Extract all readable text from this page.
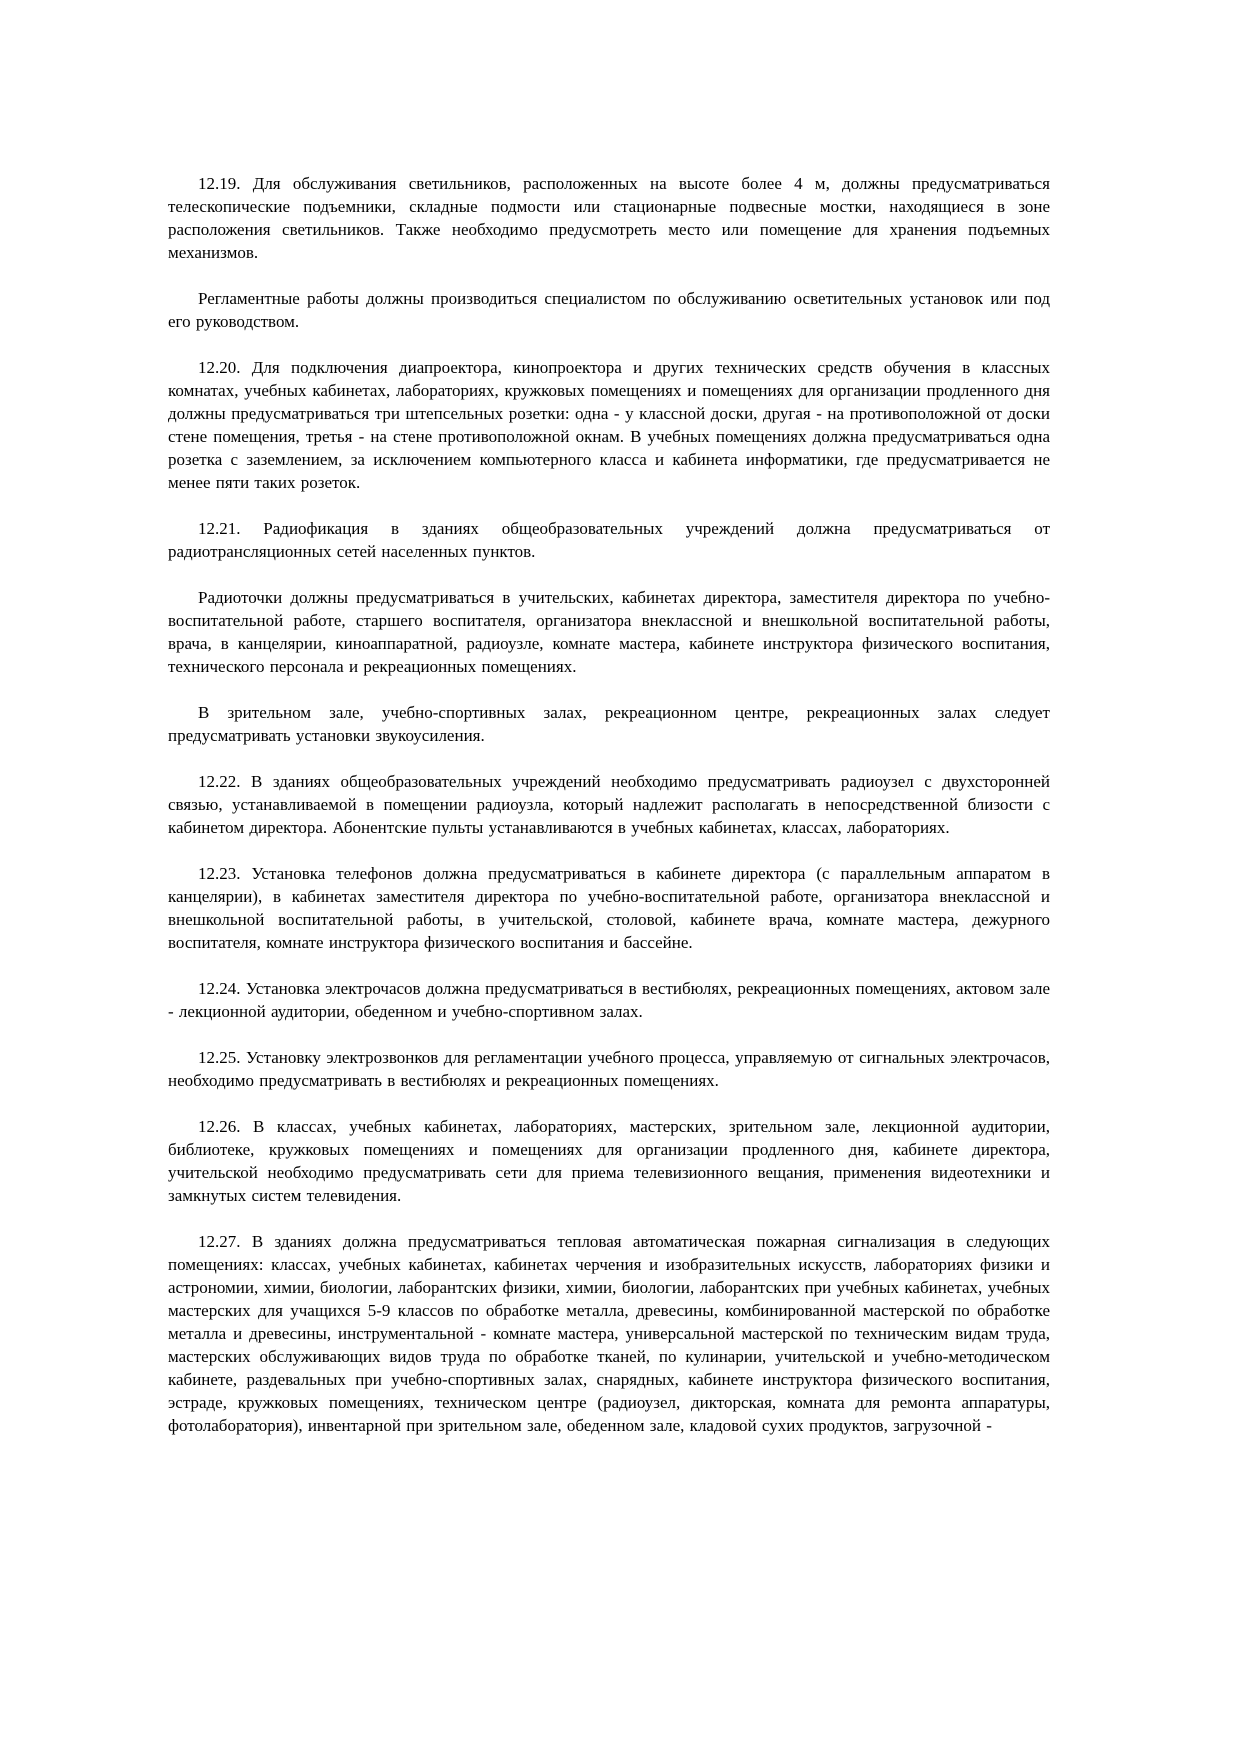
12.19. Для обслуживания светильников, расположенных на высоте более 4 м, должны предусматриваться телескопические подъемники, складные подмости или стационарные подвесные мостки, находящиеся в зоне расположения светильников. Также необходимо предусмотреть место или помещение для хранения подъемных механизмов.

Регламентные работы должны производиться специалистом по обслуживанию осветительных установок или под его руководством.

12.20. Для подключения диапроектора, кинопроектора и других технических средств обучения в классных комнатах, учебных кабинетах, лабораториях, кружковых помещениях и помещениях для организации продленного дня должны предусматриваться три штепсельных розетки: одна - у классной доски, другая - на противоположной от доски стене помещения, третья - на стене противоположной окнам. В учебных помещениях должна предусматриваться одна розетка с заземлением, за исключением компьютерного класса и кабинета информатики, где предусматривается не менее пяти таких розеток.

12.21. Радиофикация в зданиях общеобразовательных учреждений должна предусматриваться от радиотрансляционных сетей населенных пунктов.

Радиоточки должны предусматриваться в учительских, кабинетах директора, заместителя директора по учебно-воспитательной работе, старшего воспитателя, организатора внеклассной и внешкольной воспитательной работы, врача, в канцелярии, киноаппаратной, радиоузле, комнате мастера, кабинете инструктора физического воспитания, технического персонала и рекреационных помещениях.

В зрительном зале, учебно-спортивных залах, рекреационном центре, рекреационных залах следует предусматривать установки звукоусиления.

12.22. В зданиях общеобразовательных учреждений необходимо предусматривать радиоузел с двухсторонней связью, устанавливаемой в помещении радиоузла, который надлежит располагать в непосредственной близости с кабинетом директора. Абонентские пульты устанавливаются в учебных кабинетах, классах, лабораториях.

12.23. Установка телефонов должна предусматриваться в кабинете директора (с параллельным аппаратом в канцелярии), в кабинетах заместителя директора по учебно-воспитательной работе, организатора внеклассной и внешкольной воспитательной работы, в учительской, столовой, кабинете врача, комнате мастера, дежурного воспитателя, комнате инструктора физического воспитания и бассейне.

12.24. Установка электрочасов должна предусматриваться в вестибюлях, рекреационных помещениях, актовом зале - лекционной аудитории, обеденном и учебно-спортивном залах.

12.25. Установку электрозвонков для регламентации учебного процесса, управляемую от сигнальных электрочасов, необходимо предусматривать в вестибюлях и рекреационных помещениях.

12.26. В классах, учебных кабинетах, лабораториях, мастерских, зрительном зале, лекционной аудитории, библиотеке, кружковых помещениях и помещениях для организации продленного дня, кабинете директора, учительской необходимо предусматривать сети для приема телевизионного вещания, применения видеотехники и замкнутых систем телевидения.

12.27. В зданиях должна предусматриваться тепловая автоматическая пожарная сигнализация в следующих помещениях: классах, учебных кабинетах, кабинетах черчения и изобразительных искусств, лабораториях физики и астрономии, химии, биологии, лаборантских физики, химии, биологии, лаборантских при учебных кабинетах, учебных мастерских для учащихся 5-9 классов по обработке металла, древесины, комбинированной мастерской по обработке металла и древесины, инструментальной - комнате мастера, универсальной мастерской по техническим видам труда, мастерских обслуживающих видов труда по обработке тканей, по кулинарии, учительской и учебно-методическом кабинете, раздевальных при учебно-спортивных залах, снарядных, кабинете инструктора физического воспитания, эстраде, кружковых помещениях, техническом центре (радиоузел, дикторская, комната для ремонта аппаратуры, фотолаборатория), инвентарной при зрительном зале, обеденном зале, кладовой сухих продуктов, загрузочной -
